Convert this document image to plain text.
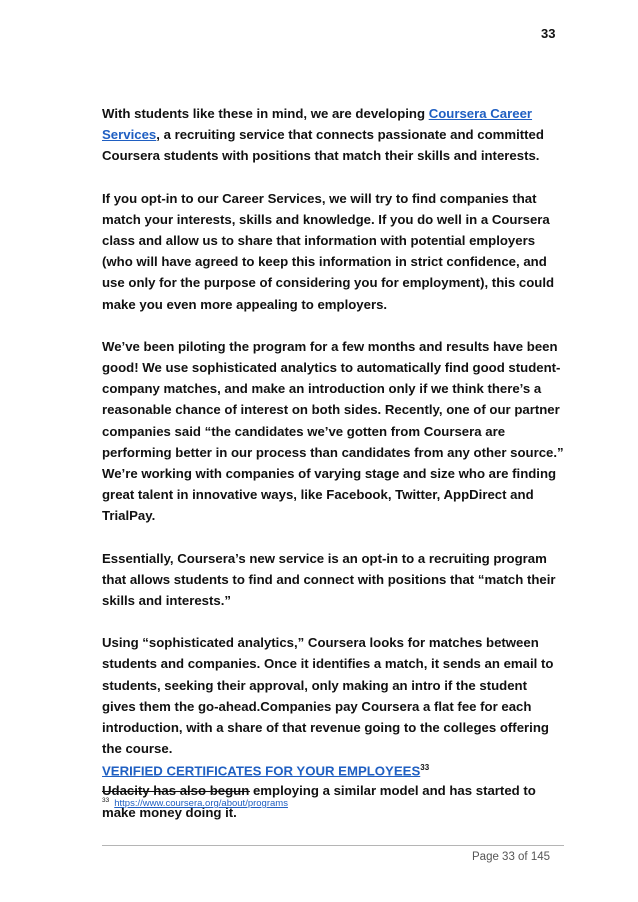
33

With students like these in mind, we are developing Coursera Career Services, a recruiting service that connects passionate and committed Coursera students with positions that match their skills and interests.

If you opt-in to our Career Services, we will try to find companies that match your interests, skills and knowledge. If you do well in a Coursera class and allow us to share that information with potential employers (who will have agreed to keep this information in strict confidence, and use only for the purpose of considering you for employment), this could make you even more appealing to employers.

We’ve been piloting the program for a few months and results have been good! We use sophisticated analytics to automatically find good student-company matches, and make an introduction only if we think there’s a reasonable chance of interest on both sides. Recently, one of our partner companies said “the candidates we’ve gotten from Coursera are performing better in our process than candidates from any other source.” We’re working with companies of varying stage and size who are finding great talent in innovative ways, like Facebook, Twitter, AppDirect and TrialPay.

Essentially, Coursera’s new service is an opt-in to a recruiting program that allows students to find and connect with positions that “match their skills and interests.”

Using “sophisticated analytics,” Coursera looks for matches between students and companies. Once it identifies a match, it sends an email to students, seeking their approval, only making an intro if the student gives them the go-ahead.Companies pay Coursera a flat fee for each introduction, with a share of that revenue going to the colleges offering the course.

Udacity has also begun employing a similar model and has started to make money doing it.

VERIFIED CERTIFICATES FOR YOUR EMPLOYEES$^{33}$
$^{33}$ https://www.coursera.org/about/programs
Page 33 of 145
